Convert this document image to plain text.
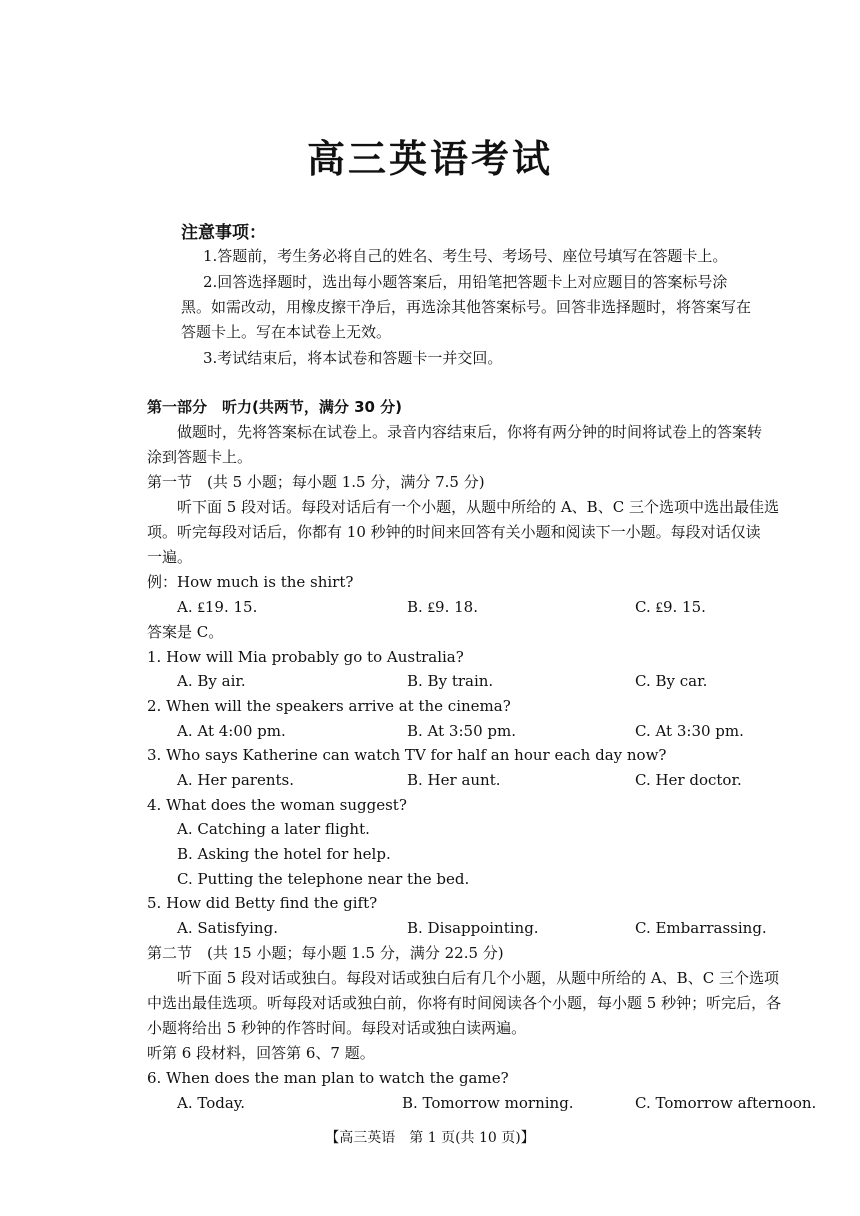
高三英语考试
注意事项：
1.答题前，考生务必将自己的姓名、考生号、考场号、座位号填写在答题卡上。
2.回答选择题时，选出每小题答案后，用铅笔把答题卡上对应题目的答案标号涂
黑。如需改动，用橡皮擦干净后，再选涂其他答案标号。回答非选择题时，将答案写在
答题卡上。写在本试卷上无效。
3.考试结束后，将本试卷和答题卡一并交回。
第一部分　听力(共两节，满分 30 分)
做题时，先将答案标在试卷上。录音内容结束后，你将有两分钟的时间将试卷上的答案转
涂到答题卡上。
第一节　(共 5 小题；每小题 1.5 分，满分 7.5 分)
听下面 5 段对话。每段对话后有一个小题，从题中所给的 A、B、C 三个选项中选出最佳选
项。听完每段对话后，你都有 10 秒钟的时间来回答有关小题和阅读下一小题。每段对话仅读
一遍。
例：How much is the shirt?
A. ₤19. 15.	B. ₤9. 18.	C. ₤9. 15.
答案是 C。
1. How will Mia probably go to Australia?
A. By air.	B. By train.	C. By car.
2. When will the speakers arrive at the cinema?
A. At 4:00 pm.	B. At 3:50 pm.	C. At 3:30 pm.
3. Who says Katherine can watch TV for half an hour each day now?
A. Her parents.	B. Her aunt.	C. Her doctor.
4. What does the woman suggest?
A. Catching a later flight.
B. Asking the hotel for help.
C. Putting the telephone near the bed.
5. How did Betty find the gift?
A. Satisfying.	B. Disappointing.	C. Embarrassing.
第二节　(共 15 小题；每小题 1.5 分，满分 22.5 分)
听下面 5 段对话或独白。每段对话或独白后有几个小题，从题中所给的 A、B、C 三个选项
中选出最佳选项。听每段对话或独白前，你将有时间阅读各个小题，每小题 5 秒钟；听完后，各
小题将给出 5 秒钟的作答时间。每段对话或独白读两遍。
听第 6 段材料，回答第 6、7 题。
6. When does the man plan to watch the game?
A. Today.	B. Tomorrow morning.	C. Tomorrow afternoon.
【高三英语　第 1 页(共 10 页)】
